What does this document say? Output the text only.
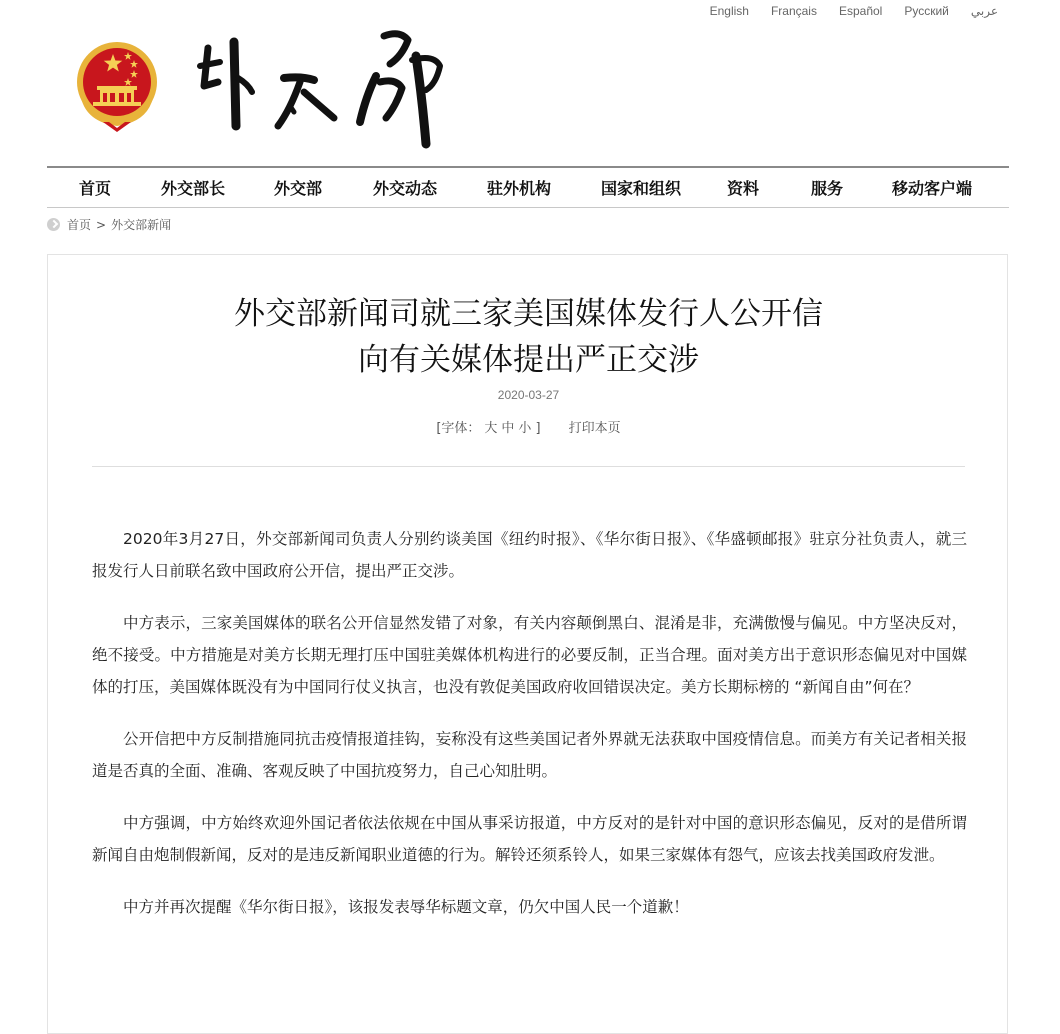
English Français Español Русский عربي
首页	外交部长	外交部	外交动态	驻外机构	国家和组织	资料	服务	移动客户端
首页 > 外交部新闻
外交部新闻司就三家美国媒体发行人公开信
向有关媒体提出严正交涉
2020-03-27
[字体： 大 中 小 ] 打印本页

2020年3月27日，外交部新闻司负责人分别约谈美国《纽约时报》、《华尔街日报》、《华盛顿邮报》驻京分社负责人，就三报发行人日前联名致中国政府公开信，提出严正交涉。

中方表示，三家美国媒体的联名公开信显然发错了对象，有关内容颠倒黑白、混淆是非，充满傲慢与偏见。中方坚决反对，绝不接受。中方措施是对美方长期无理打压中国驻美媒体机构进行的必要反制，正当合理。面对美方出于意识形态偏见对中国媒体的打压，美国媒体既没有为中国同行仗义执言，也没有敦促美国政府收回错误决定。美方长期标榜的 “新闻自由”何在？

公开信把中方反制措施同抗击疫情报道挂钩，妄称没有这些美国记者外界就无法获取中国疫情信息。而美方有关记者相关报道是否真的全面、准确、客观反映了中国抗疫努力，自己心知肚明。

中方强调，中方始终欢迎外国记者依法依规在中国从事采访报道，中方反对的是针对中国的意识形态偏见，反对的是借所谓新闻自由炮制假新闻，反对的是违反新闻职业道德的行为。解铃还须系铃人，如果三家媒体有怨气，应该去找美国政府发泄。

中方并再次提醒《华尔街日报》，该报发表辱华标题文章，仍欠中国人民一个道歉！
